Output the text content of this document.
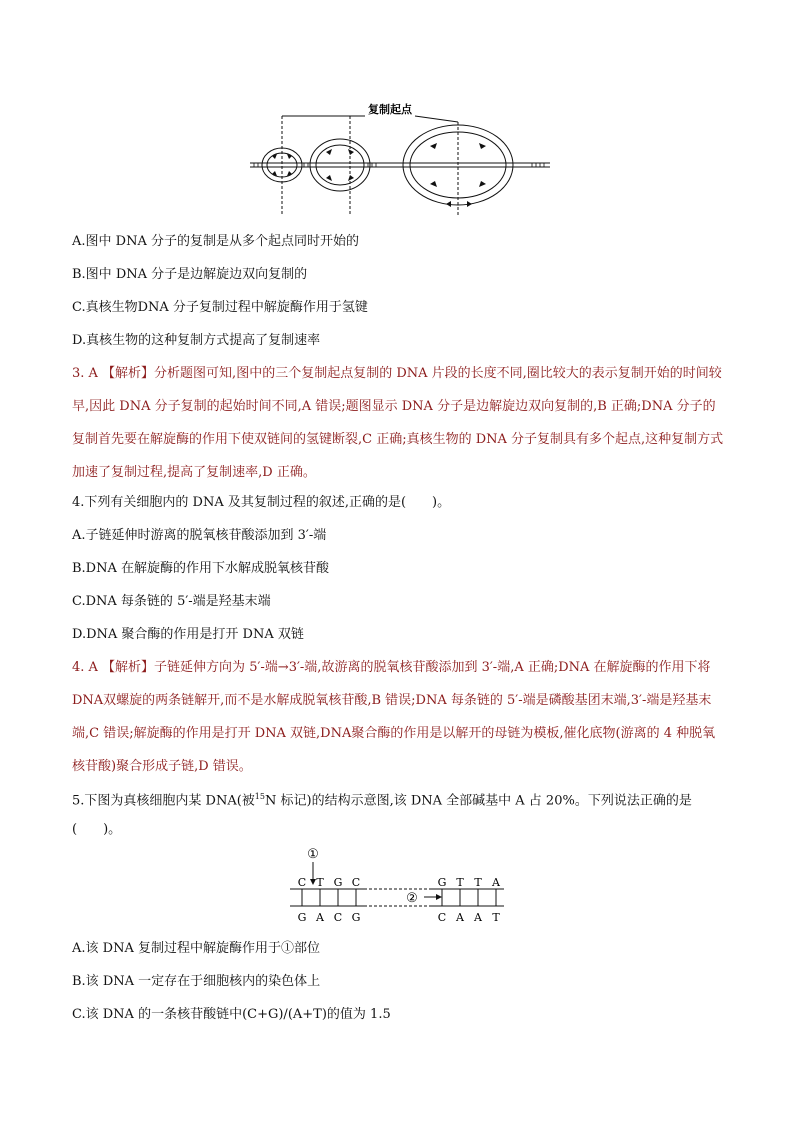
复制起点
A.图中 DNA 分子的复制是从多个起点同时开始的
B.图中 DNA 分子是边解旋边双向复制的
C.真核生物DNA 分子复制过程中解旋酶作用于氢键
D.真核生物的这种复制方式提高了复制速率
3. A 【解析】分析题图可知,图中的三个复制起点复制的 DNA 片段的长度不同,圈比较大的表示复制开始的时间较早,因此 DNA 分子复制的起始时间不同,A 错误;题图显示 DNA 分子是边解旋边双向复制的,B 正确;DNA 分子的复制首先要在解旋酶的作用下使双链间的氢键断裂,C 正确;真核生物的 DNA 分子复制具有多个起点,这种复制方式加速了复制过程,提高了复制速率,D 正确。
4.下列有关细胞内的 DNA 及其复制过程的叙述,正确的是(　　)。
A.子链延伸时游离的脱氧核苷酸添加到 3′-端
B.DNA 在解旋酶的作用下水解成脱氧核苷酸
C.DNA 每条链的 5′-端是羟基末端
D.DNA 聚合酶的作用是打开 DNA 双链
4. A 【解析】子链延伸方向为 5′-端→3′-端,故游离的脱氧核苷酸添加到 3′-端,A 正确;DNA 在解旋酶的作用下将 DNA双螺旋的两条链解开,而不是水解成脱氧核苷酸,B 错误;DNA 每条链的 5′-端是磷酸基团末端,3′-端是羟基末端,C 错误;解旋酶的作用是打开 DNA 双链,DNA聚合酶的作用是以解开的母链为模板,催化底物(游离的 4 种脱氧核苷酸)聚合形成子链,D 错误。
5.下图为真核细胞内某 DNA(被$^{15}$N 标记)的结构示意图,该 DNA 全部碱基中 A 占 20%。下列说法正确的是
(　　)。
①
②
C T G C	G T T A
G A C G	C A A T
A.该 DNA 复制过程中解旋酶作用于①部位
B.该 DNA 一定存在于细胞核内的染色体上
C.该 DNA 的一条核苷酸链中(C+G)/(A+T)的值为 1.5
